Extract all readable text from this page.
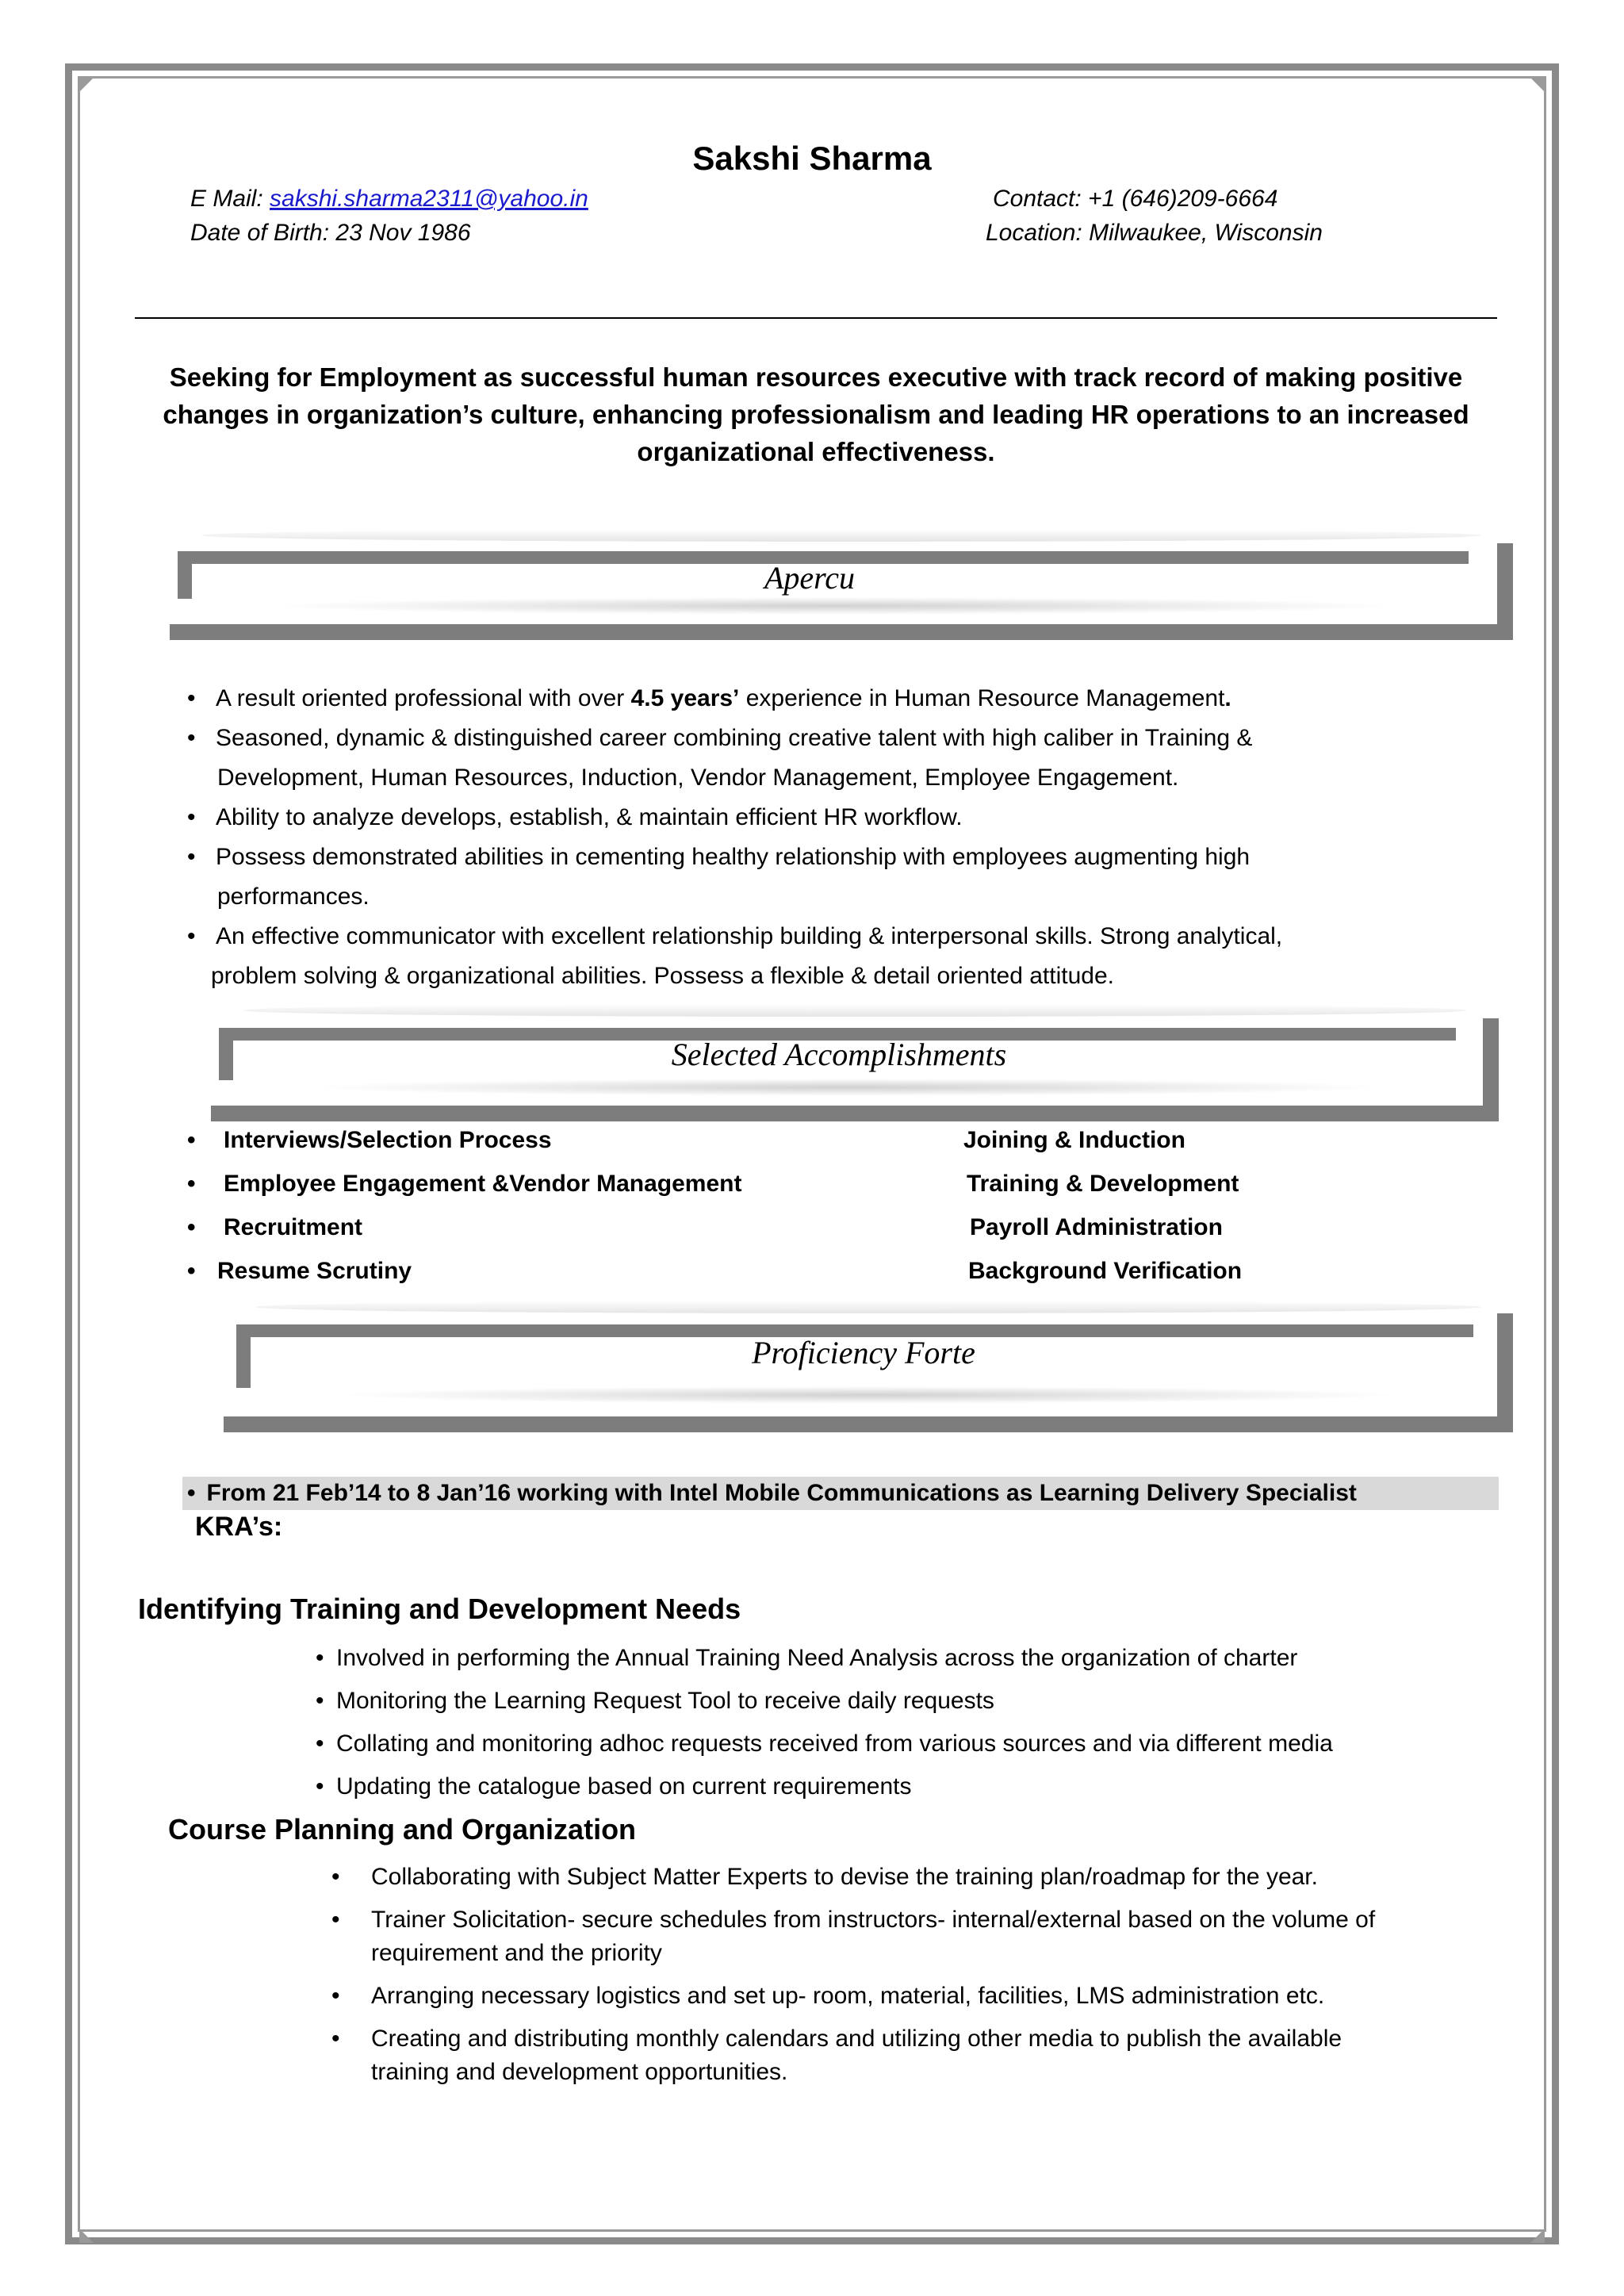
Sakshi Sharma
E Mail: sakshi.sharma2311@yahoo.in
Date of Birth: 23 Nov 1986
Contact: +1 (646)209-6664
Location: Milwaukee, Wisconsin
Seeking for Employment as successful human resources executive with track record of making positive changes in organization’s culture, enhancing professionalism and leading HR operations to an increased organizational effectiveness.
Apercu
• A result oriented professional with over 4.5 years’ experience in Human Resource Management.
• Seasoned, dynamic & distinguished career combining creative talent with high caliber in Training &
Development, Human Resources, Induction, Vendor Management, Employee Engagement.
• Ability to analyze develops, establish, & maintain efficient HR workflow.
• Possess demonstrated abilities in cementing healthy relationship with employees augmenting high
performances.
• An effective communicator with excellent relationship building & interpersonal skills. Strong analytical,
problem solving & organizational abilities. Possess a flexible & detail oriented attitude.
Selected Accomplishments
• Interviews/Selection Process
• Employee Engagement &Vendor Management
• Recruitment
• Resume Scrutiny
Joining & Induction
Training & Development
Payroll Administration
Background Verification
Proficiency Forte
• From 21 Feb’14 to 8 Jan’16 working with Intel Mobile Communications as Learning Delivery Specialist
KRA’s:
Identifying Training and Development Needs
• Involved in performing the Annual Training Need Analysis across the organization of charter
• Monitoring the Learning Request Tool to receive daily requests
• Collating and monitoring adhoc requests received from various sources and via different media
• Updating the catalogue based on current requirements
Course Planning and Organization
• Collaborating with Subject Matter Experts to devise the training plan/roadmap for the year.
• Trainer Solicitation- secure schedules from instructors- internal/external based on the volume of
requirement and the priority
• Arranging necessary logistics and set up- room, material, facilities, LMS administration etc.
• Creating and distributing monthly calendars and utilizing other media to publish the available
training and development opportunities.
